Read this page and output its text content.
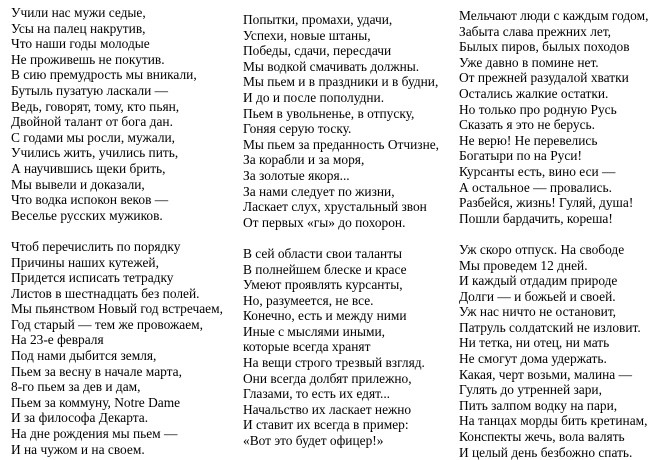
Учили нас мужи седые,
Усы на палец накрутив,
Что наши годы молодые
Не проживешь не покутив.
В сию премудрость мы вникали,
Бутыль пузатую ласкали —
Ведь, говорят, тому, кто пьян,
Двойной талант от бога дан.
С годами мы росли, мужали,
Учились жить, учились пить,
А научившись щеки брить,
Мы вывели и доказали,
Что водка испокон веков —
Веселье русских мужиков.
Чтоб перечислить по порядку
Причины наших кутежей,
Придется исписать тетрадку
Листов в шестнадцать без полей.
Мы пьянством Новый год встречаем,
Год старый — тем же провожаем,
На 23-е февраля
Под нами дыбится земля,
Пьем за весну в начале марта,
8-го пьем за дев и дам,
Пьем за коммуну, Notre Dame
И за философа Декарта.
На дне рождения мы пьем —
И на чужом и на своем.
Попытки, промахи, удачи,
Успехи, новые штаны,
Победы, сдачи, пересдачи
Мы водкой смачивать должны.
Мы пьем и в праздники и в будни,
И до и после пополудни.
Пьем в увольненье, в отпуску,
Гоняя серую тоску.
Мы пьем за преданность Отчизне,
За корабли и за моря,
За золотые якоря...
За нами следует по жизни,
Ласкает слух, хрустальный звон
От первых «гы» до похорон.
В сей области свои таланты
В полнейшем блеске и красе
Умеют проявлять курсанты,
Но, разумеется, не все.
Конечно, есть и между ними
Иные с мыслями иными,
которые всегда хранят
На вещи строго трезвый взгляд.
Они всегда долбят прилежно,
Глазами, то есть их едят...
Начальство их ласкает нежно
И ставит их всегда в пример:
«Вот это будет офицер!»
Мельчают люди с каждым годом,
Забыта слава прежних лет,
Былых пиров, былых походов
Уже давно в помине нет.
От прежней разудалой хватки
Остались жалкие остатки.
Но только про родную Русь
Сказать я это не берусь.
Не верю! Не перевелись
Богатыри по на Руси!
Курсанты есть, вино еси —
А остальное — провались.
Разбейся, жизнь! Гуляй, душа!
Пошли бардачить, кореша!
Уж скоро отпуск. На свободе
Мы проведем 12 дней.
И каждый отдадим природе
Долги — и божьей и своей.
Уж нас ничто не остановит,
Патруль солдатский не изловит.
Ни тетка, ни отец, ни мать
Не смогут дома удержать.
Какая, черт возьми, малина —
Гулять до утренней зари,
Пить залпом водку на пари,
На танцах морды бить кретинам,
Конспекты жечь, вола валять
И целый день безбожно спать.
